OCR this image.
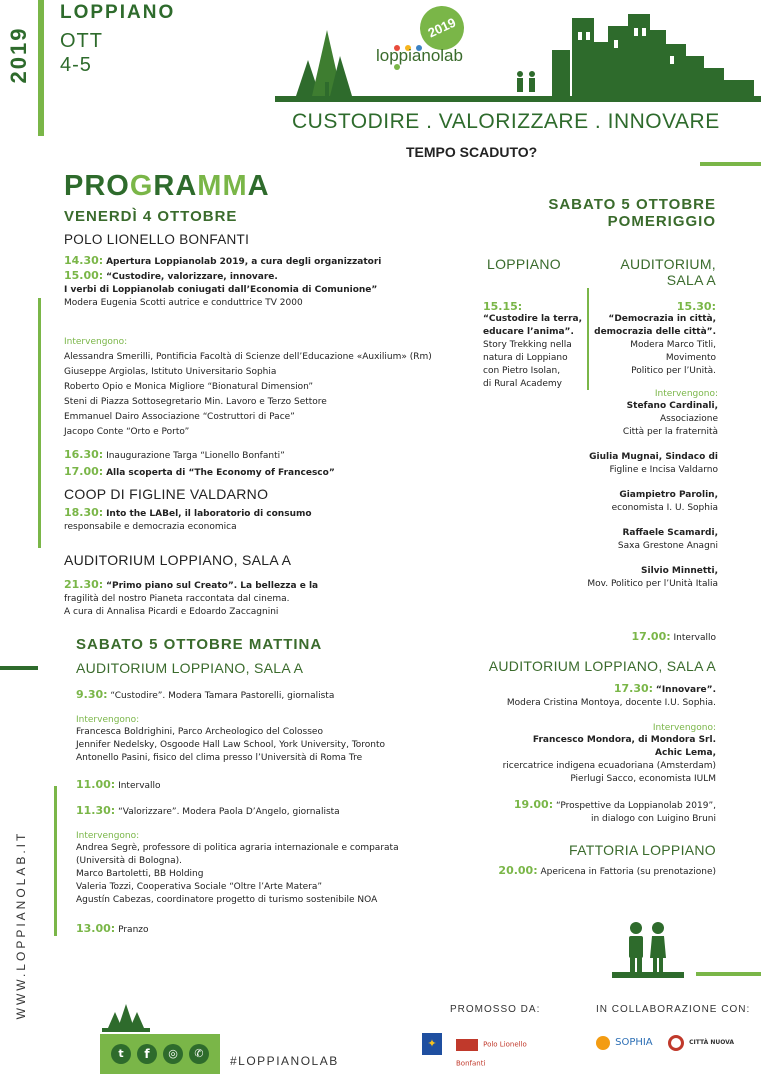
2019
WWW.LOPPIANOLAB.IT
LOPPIANO
OTT
4-5
2019

loppianolab
CUSTODIRE . VALORIZZARE . INNOVARE
TEMPO SCADUTO?
PROGRAMMA
VENERDÌ 4 OTTOBRE
POLO LIONELLO BONFANTI
14.30: Apertura Loppianolab 2019, a cura degli organizzatori
15.00: “Custodire, valorizzare, innovare.
I verbi di Loppianolab coniugati dall’Economia di Comunione”
Modera Eugenia Scotti autrice e conduttrice TV 2000
Intervengono:
Alessandra Smerilli, Pontificia Facoltà di Scienze dell’Educazione «Auxilium» (Rm)
Giuseppe Argiolas, Istituto Universitario Sophia
Roberto Opio e Monica Migliore “Bionatural Dimension”
Steni di Piazza Sottosegretario Min. Lavoro e Terzo Settore
Emmanuel Dairo Associazione “Costruttori di Pace”
Jacopo Conte “Orto e Porto”
16.30: Inaugurazione Targa “Lionello Bonfanti”
17.00: Alla scoperta di “The Economy of Francesco”
COOP DI FIGLINE VALDARNO
18.30: Into the LABel, il laboratorio di consumo
responsabile e democrazia economica
AUDITORIUM LOPPIANO, SALA A
21.30: “Primo piano sul Creato”. La bellezza e la
fragilità del nostro Pianeta raccontata dal cinema.
A cura di Annalisa Picardi e Edoardo Zaccagnini
SABATO 5 OTTOBRE MATTINA
AUDITORIUM LOPPIANO, SALA A
9.30: “Custodire”. Modera Tamara Pastorelli, giornalista
Intervengono:
Francesca Boldrighini, Parco Archeologico del Colosseo
Jennifer Nedelsky, Osgoode Hall Law School, York University, Toronto
Antonello Pasini, fisico del clima presso l’Università di Roma Tre
11.00: Intervallo
11.30: “Valorizzare”. Modera Paola D’Angelo, giornalista
Intervengono:
Andrea Segrè, professore di politica agraria internazionale e comparata
(Università di Bologna).
Marco Bartoletti, BB Holding
Valeria Tozzi, Cooperativa Sociale “Oltre l’Arte Matera”
Agustín Cabezas, coordinatore progetto di turismo sostenibile NOA
13.00: Pranzo
SABATO 5 OTTOBRE
POMERIGGIO
LOPPIANO	AUDITORIUM,
SALA A
15.15:
“Custodire la terra,
educare l’anima”.
Story Trekking nella
natura di Loppiano
con Pietro Isolan,
di Rural Academy
15.30:
“Democrazia in città,
democrazia delle città”.
Modera Marco Titli,
Movimento
Politico per l’Unità.
Intervengono:
Stefano Cardinali,
Associazione
Città per la fraternità
Giulia Mugnai, Sindaco di
Figline e Incisa Valdarno
Giampietro Parolin,
economista I. U. Sophia
Raffaele Scamardi,
Saxa Grestone Anagni
Silvio Minnetti,
Mov. Politico per l’Unità Italia
17.00: Intervallo
AUDITORIUM LOPPIANO, SALA A
17.30: “Innovare”.
Modera Cristina Montoya, docente I.U. Sophia.
Intervengono:
Francesco Mondora, di Mondora Srl.
Achic Lema,
ricercatrice indigena ecuadoriana (Amsterdam)
Pierlugi Sacco, economista IULM
19.00: “Prospettive da Loppianolab 2019”,
in dialogo con Luigino Bruni
FATTORIA LOPPIANO
20.00: Apericena in Fattoria (su prenotazione)
t	f	◎	✆
#LOPPIANOLAB
PROMOSSO DA:	IN COLLABORAZIONE CON:
✦	Polo Lionello Bonfanti
SOPHIA	CITTÀ NUOVA
